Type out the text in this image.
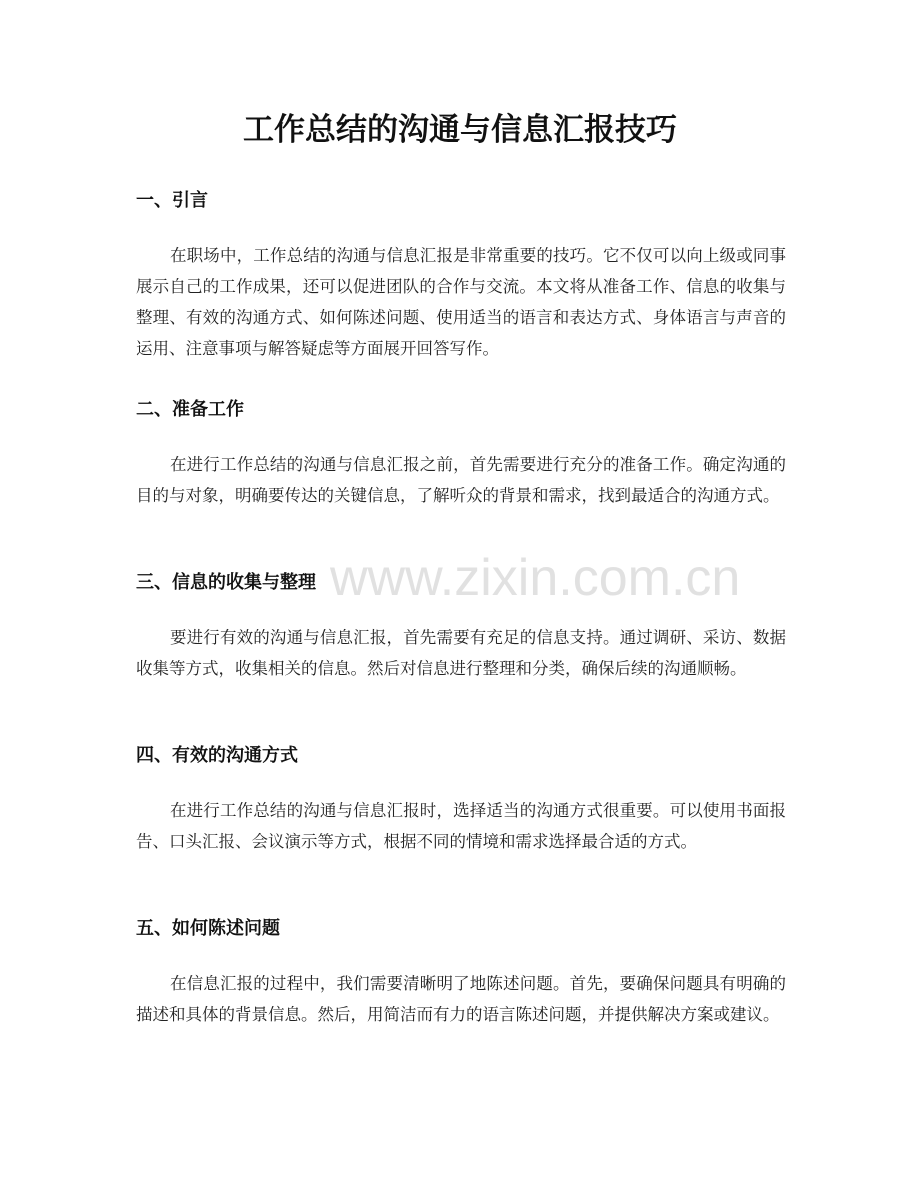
工作总结的沟通与信息汇报技巧
一、引言

在职场中，工作总结的沟通与信息汇报是非常重要的技巧。它不仅可以向上级或同事展示自己的工作成果，还可以促进团队的合作与交流。本文将从准备工作、信息的收集与整理、有效的沟通方式、如何陈述问题、使用适当的语言和表达方式、身体语言与声音的运用、注意事项与解答疑虑等方面展开回答写作。

二、准备工作

在进行工作总结的沟通与信息汇报之前，首先需要进行充分的准备工作。确定沟通的目的与对象，明确要传达的关键信息，了解听众的背景和需求，找到最适合的沟通方式。

三、信息的收集与整理

要进行有效的沟通与信息汇报，首先需要有充足的信息支持。通过调研、采访、数据收集等方式，收集相关的信息。然后对信息进行整理和分类，确保后续的沟通顺畅。

四、有效的沟通方式

在进行工作总结的沟通与信息汇报时，选择适当的沟通方式很重要。可以使用书面报告、口头汇报、会议演示等方式，根据不同的情境和需求选择最合适的方式。

五、如何陈述问题

在信息汇报的过程中，我们需要清晰明了地陈述问题。首先，要确保问题具有明确的描述和具体的背景信息。然后，用简洁而有力的语言陈述问题，并提供解决方案或建议。

www.zixin.com.cn
